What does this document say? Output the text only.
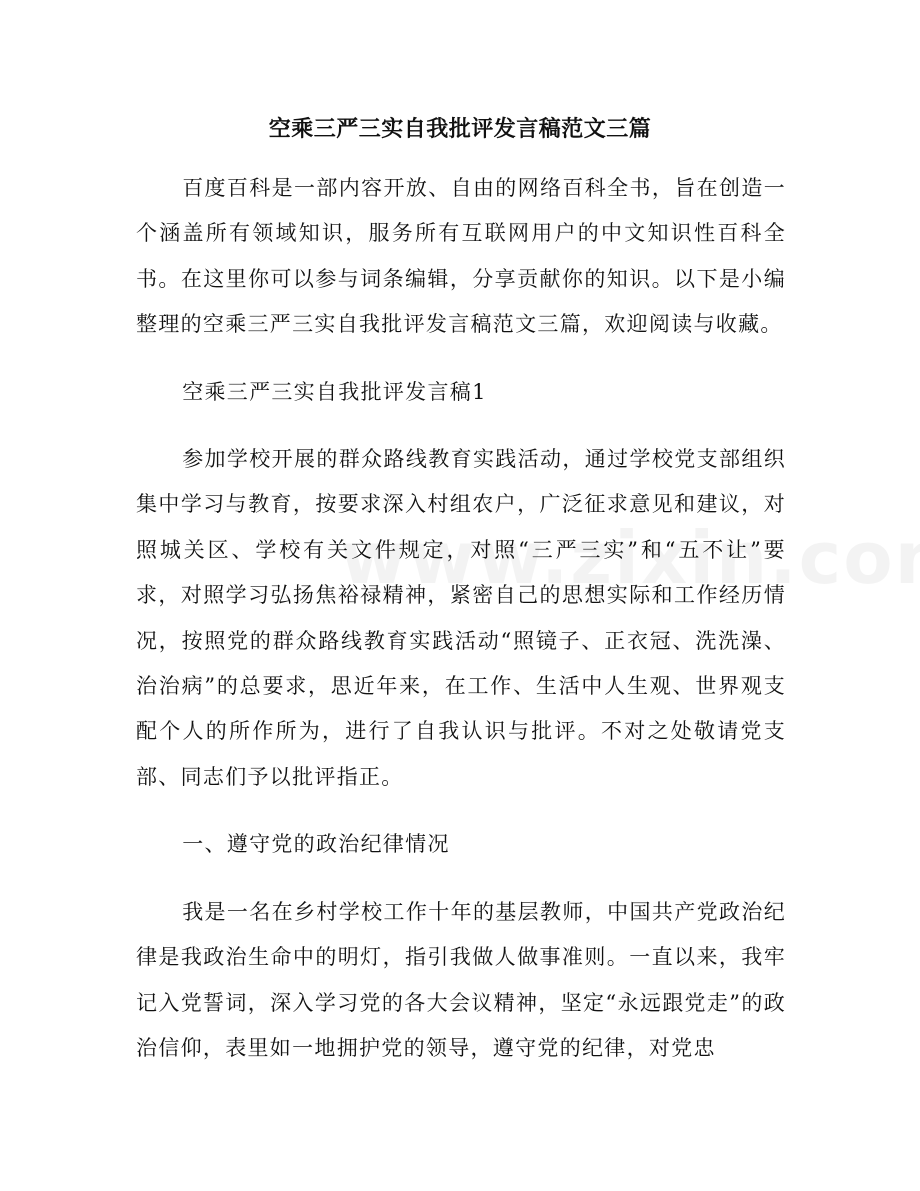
空乘三严三实自我批评发言稿范文三篇

百度百科是一部内容开放、自由的网络百科全书，旨在创造一个涵盖所有领域知识，服务所有互联网用户的中文知识性百科全书。在这里你可以参与词条编辑，分享贡献你的知识。以下是小编整理的空乘三严三实自我批评发言稿范文三篇，欢迎阅读与收藏。

空乘三严三实自我批评发言稿1

参加学校开展的群众路线教育实践活动，通过学校党支部组织集中学习与教育，按要求深入村组农户，广泛征求意见和建议，对照城关区、学校有关文件规定，对照“三严三实”和“五不让”要求，对照学习弘扬焦裕禄精神，紧密自己的思想实际和工作经历情况，按照党的群众路线教育实践活动“照镜子、正衣冠、洗洗澡、治治病”的总要求，思近年来，在工作、生活中人生观、世界观支配个人的所作所为，进行了自我认识与批评。不对之处敬请党支部、同志们予以批评指正。

一、遵守党的政治纪律情况

我是一名在乡村学校工作十年的基层教师，中国共产党政治纪律是我政治生命中的明灯，指引我做人做事准则。一直以来，我牢记入党誓词，深入学习党的各大会议精神，坚定“永远跟党走”的政治信仰，表里如一地拥护党的领导，遵守党的纪律，对党忠
